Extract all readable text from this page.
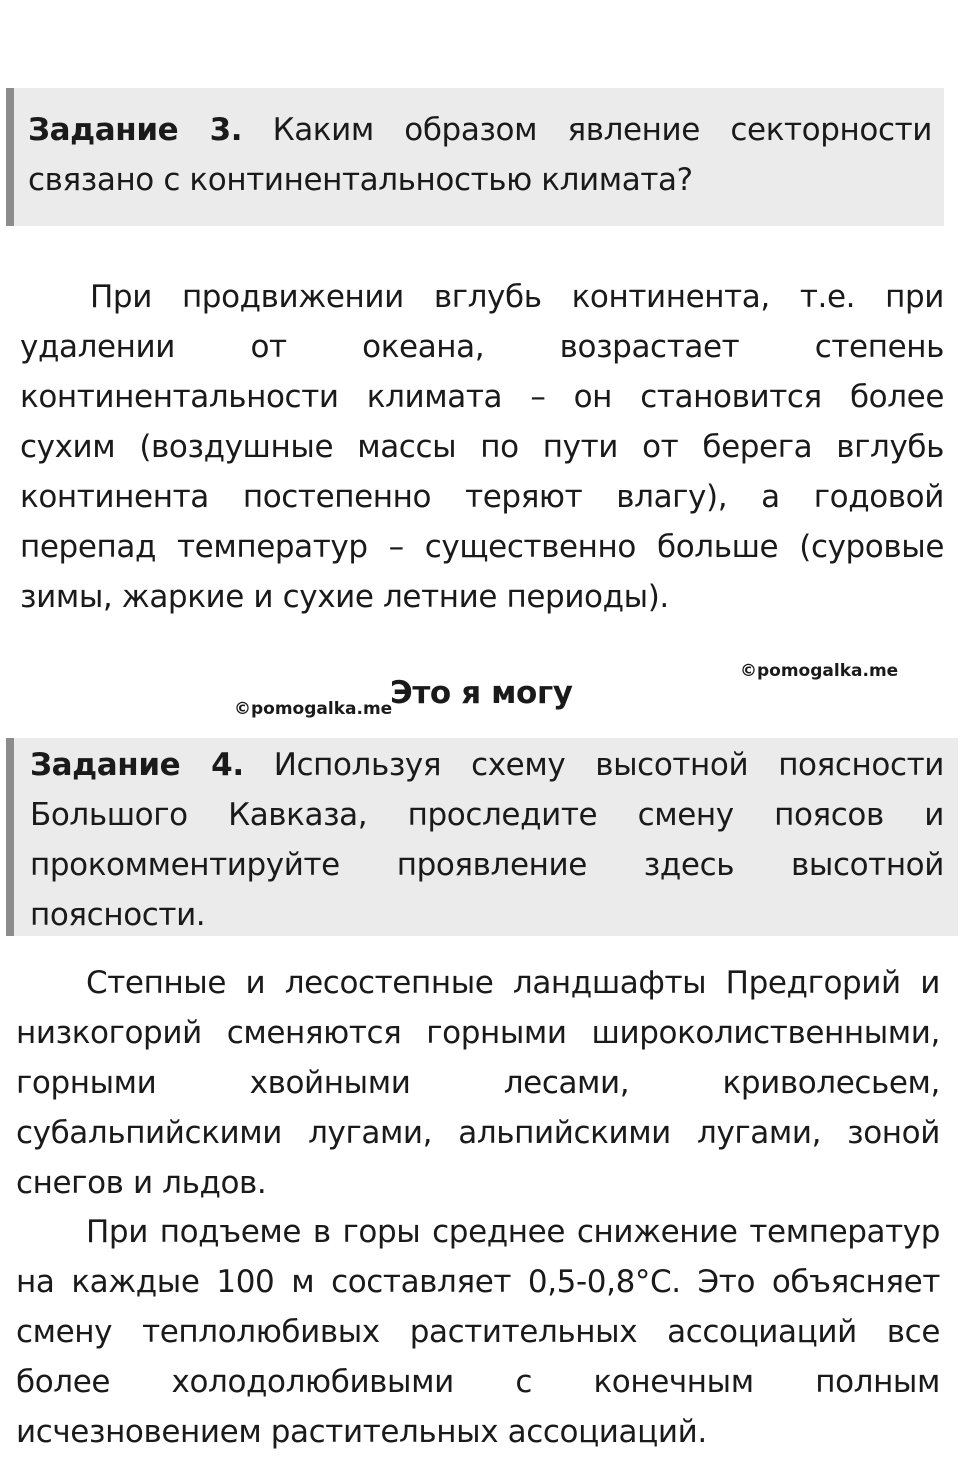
Задание 3. Каким образом явление секторности связано с континентальностью климата?

При продвижении вглубь континента, т.е. при удалении от океана, возрастает степень континентальности климата – он становится более сухим (воздушные массы по пути от берега вглубь континента постепенно теряют влагу), а годовой перепад температур – существенно больше (суровые зимы, жаркие и сухие летние периоды).

©pomogalka.me

©pomogalka.me

Это я могу

Задание 4. Используя схему высотной поясности Большого Кавказа, проследите смену поясов и прокомментируйте проявление здесь высотной поясности.

Степные и лесостепные ландшафты Предгорий и низкогорий сменяются горными широколиственными, горными хвойными лесами, криволесьем, субальпийскими лугами, альпийскими лугами, зоной снегов и льдов.

При подъеме в горы среднее снижение температур на каждые 100 м составляет 0,5-0,8°С. Это объясняет смену теплолюбивых растительных ассоциаций все более холодолюбивыми с конечным полным исчезновением растительных ассоциаций.
